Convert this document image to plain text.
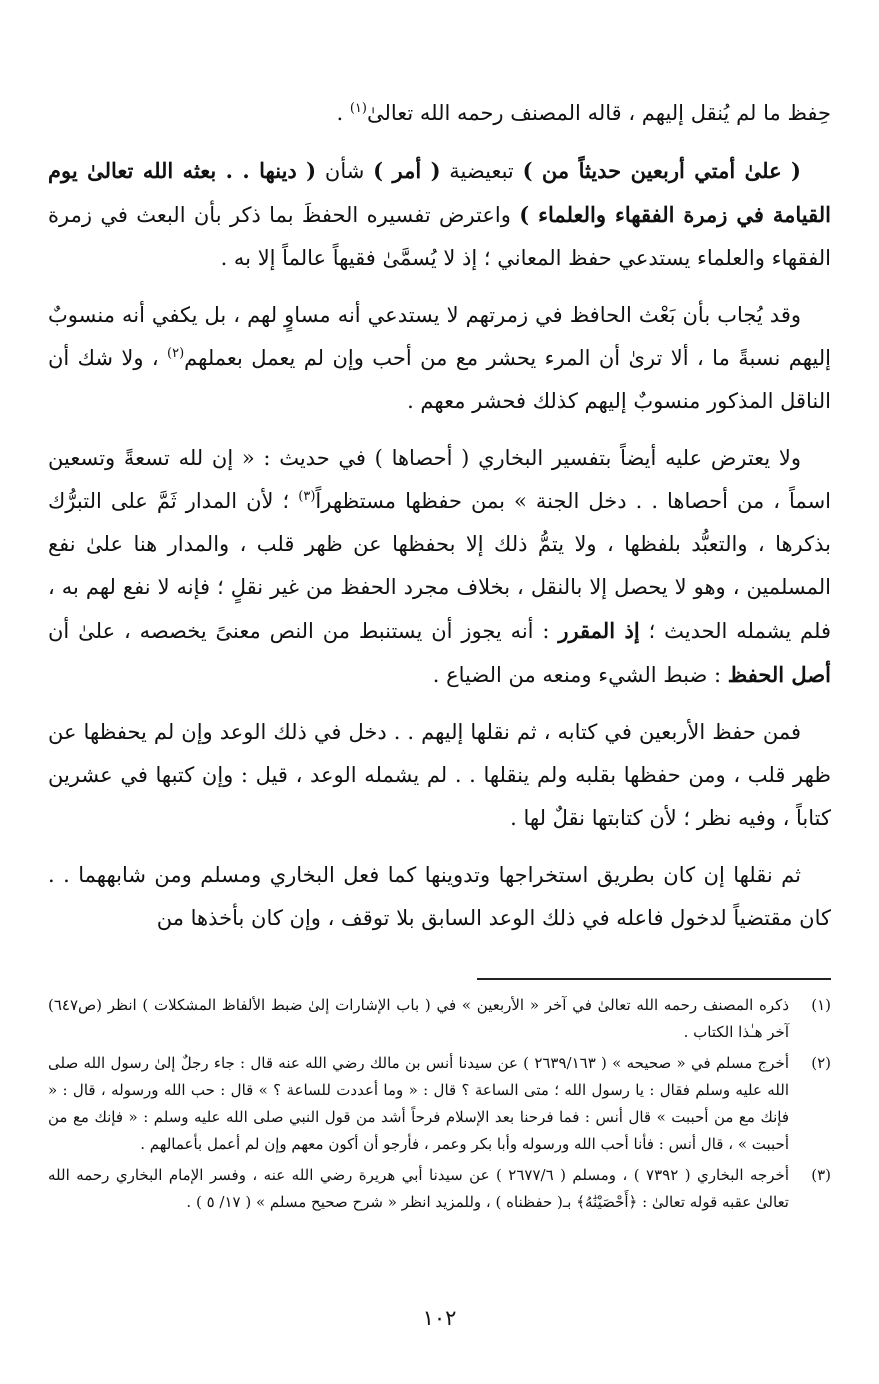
حِفظ ما لم يُنقل إليهم ، قاله المصنف رحمه الله تعالىٰ$^{(١)}$ .

( علىٰ أمتي أربعين حديثاً من ) تبعيضية ( أمر ) شأن ( دينها . . بعثه الله تعالىٰ يوم القيامة في زمرة الفقهاء والعلماء ) واعترض تفسيره الحفظَ بما ذكر بأن البعث في زمرة الفقهاء والعلماء يستدعي حفظ المعاني ؛ إذ لا يُسمَّىٰ فقيهاً عالماً إلا به .

وقد يُجاب بأن بَعْث الحافظ في زمرتهم لا يستدعي أنه مساوٍ لهم ، بل يكفي أنه منسوبٌ إليهم نسبةً ما ، ألا ترىٰ أن المرء يحشر مع من أحب وإن لم يعمل بعملهم$^{(٢)}$ ، ولا شك أن الناقل المذكور منسوبٌ إليهم كذلك فحشر معهم .

ولا يعترض عليه أيضاً بتفسير البخاري ( أحصاها ) في حديث : « إن لله تسعةً وتسعين اسماً ، من أحصاها . . دخل الجنة » بمن حفظها مستظهراً$^{(٣)}$ ؛ لأن المدار ثَمَّ على التبرُّك بذكرها ، والتعبُّد بلفظها ، ولا يتمُّ ذلك إلا بحفظها عن ظهر قلب ، والمدار هنا علىٰ نفع المسلمين ، وهو لا يحصل إلا بالنقل ، بخلاف مجرد الحفظ من غير نقلٍ ؛ فإنه لا نفع لهم به ، فلم يشمله الحديث ؛ إذ المقرر : أنه يجوز أن يستنبط من النص معنىً يخصصه ، علىٰ أن أصل الحفظ : ضبط الشيء ومنعه من الضياع .

فمن حفظ الأربعين في كتابه ، ثم نقلها إليهم . . دخل في ذلك الوعد وإن لم يحفظها عن ظهر قلب ، ومن حفظها بقلبه ولم ينقلها . . لم يشمله الوعد ، قيل : وإن كتبها في عشرين كتاباً ، وفيه نظر ؛ لأن كتابتها نقلٌ لها .

ثم نقلها إن كان بطريق استخراجها وتدوينها كما فعل البخاري ومسلم ومن شابههما . . كان مقتضياً لدخول فاعله في ذلك الوعد السابق بلا توقف ، وإن كان بأخذها من

(١)
ذكره المصنف رحمه الله تعالىٰ في آخر « الأربعين » في ( باب الإشارات إلىٰ ضبط الألفاظ المشكلات ) انظر (ص٦٤٧) آخر هـٰذا الكتاب .
(٢)
أخرج مسلم في « صحيحه » ( ٢٦٣٩/١٦٣ ) عن سيدنا أنس بن مالك رضي الله عنه قال : جاء رجلٌ إلىٰ رسول الله صلى الله عليه وسلم فقال : يا رسول الله ؛ متى الساعة ؟ قال : « وما أعددت للساعة ؟ » قال : حب الله ورسوله ، قال : « فإنك مع من أحببت » قال أنس : فما فرحنا بعد الإسلام فرحاً أشد من قول النبي صلى الله عليه وسلم : « فإنك مع من أحببت » ، قال أنس : فأنا أحب الله ورسوله وأبا بكر وعمر ، فأرجو أن أكون معهم وإن لم أعمل بأعمالهم .
(٣)
أخرجه البخاري ( ٧٣٩٢ ) ، ومسلم ( ٢٦٧٧/٦ ) عن سيدنا أبي هريرة رضي الله عنه ، وفسر الإمام البخاري رحمه الله تعالىٰ عقبه قوله تعالىٰ : ﴿أَحْصَيْنَٰهُ﴾ بـ( حفظناه ) ، وللمزيد انظر « شرح صحيح مسلم » ( ١٧/ ٥ ) .
١٠٢
